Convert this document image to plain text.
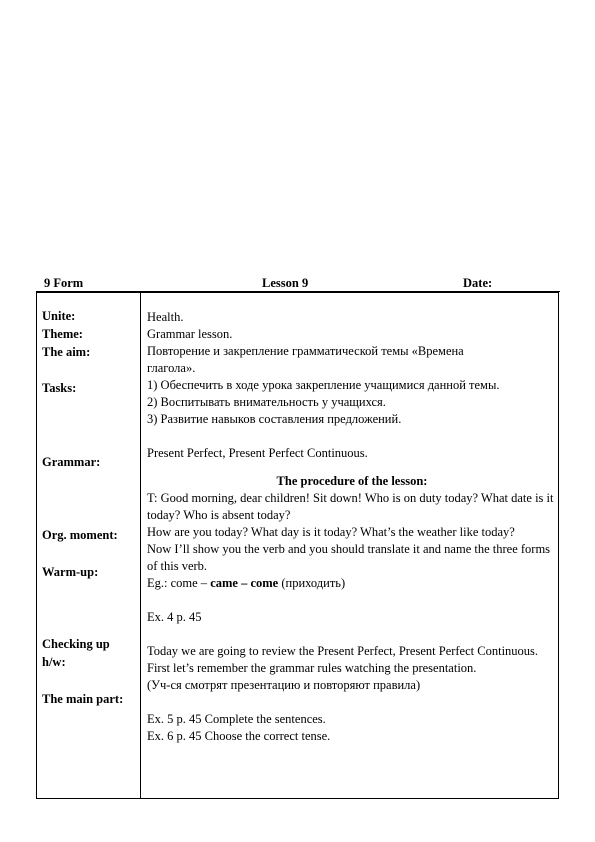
9 Form	Lesson 9	Date:
Unite:
Theme:
The aim:
Tasks:
Grammar:
Org. moment:
Warm-up:
Checking up h/w:
The main part:

Health.

Grammar lesson.

Повторение и закрепление грамматической темы «Времена глагола».

1) Обеспечить в ходе урока закрепление учащимися данной темы.

2) Воспитывать внимательность у учащихся.

3) Развитие навыков составления предложений.

Present Perfect, Present Perfect Continuous.

The procedure of the lesson:

T: Good morning, dear children! Sit down! Who is on duty today? What date is it today? Who is absent today?

How are you today? What day is it today? What’s the weather like today?

Now I’ll show you the verb and you should translate it and name the three forms of this verb.

Eg.: come – came – come (приходить)

Ex. 4 p. 45

Today we are going to review the Present Perfect, Present Perfect Continuous. First let’s remember the grammar rules watching the presentation.

(Уч-ся смотрят презентацию и повторяют правила)

Ex. 5 p. 45 Complete the sentences.

Ex. 6 p. 45 Choose the correct tense.
